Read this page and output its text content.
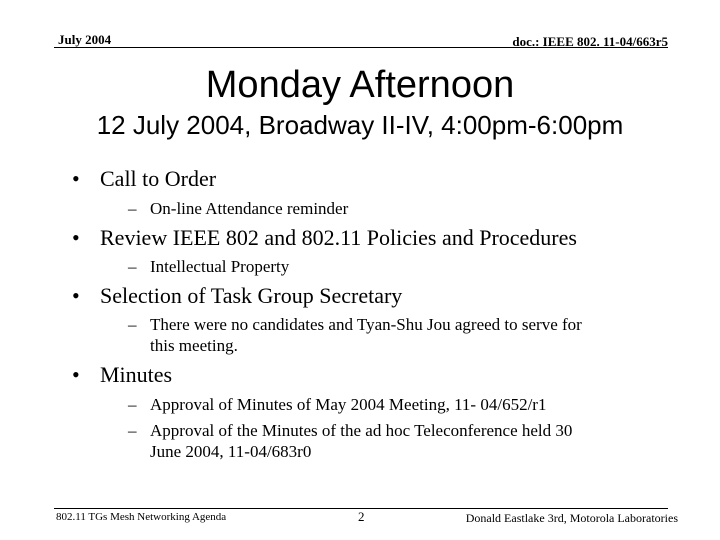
July 2004	doc.: IEEE 802. 11-04/663r5
Monday Afternoon
12 July 2004, Broadway II-IV, 4:00pm-6:00pm
• Call to Order
– On-line Attendance reminder
• Review IEEE 802 and 802.11 Policies and Procedures
– Intellectual Property
• Selection of Task Group Secretary
– There were no candidates and Tyan-Shu Jou agreed to serve for
this meeting.
• Minutes
– Approval of Minutes of May 2004 Meeting, 11- 04/652/r1
– Approval of the Minutes of the ad hoc Teleconference held 30
June 2004, 11-04/683r0
802.11 TGs Mesh Networking Agenda	2	Donald Eastlake 3rd, Motorola Laboratories
